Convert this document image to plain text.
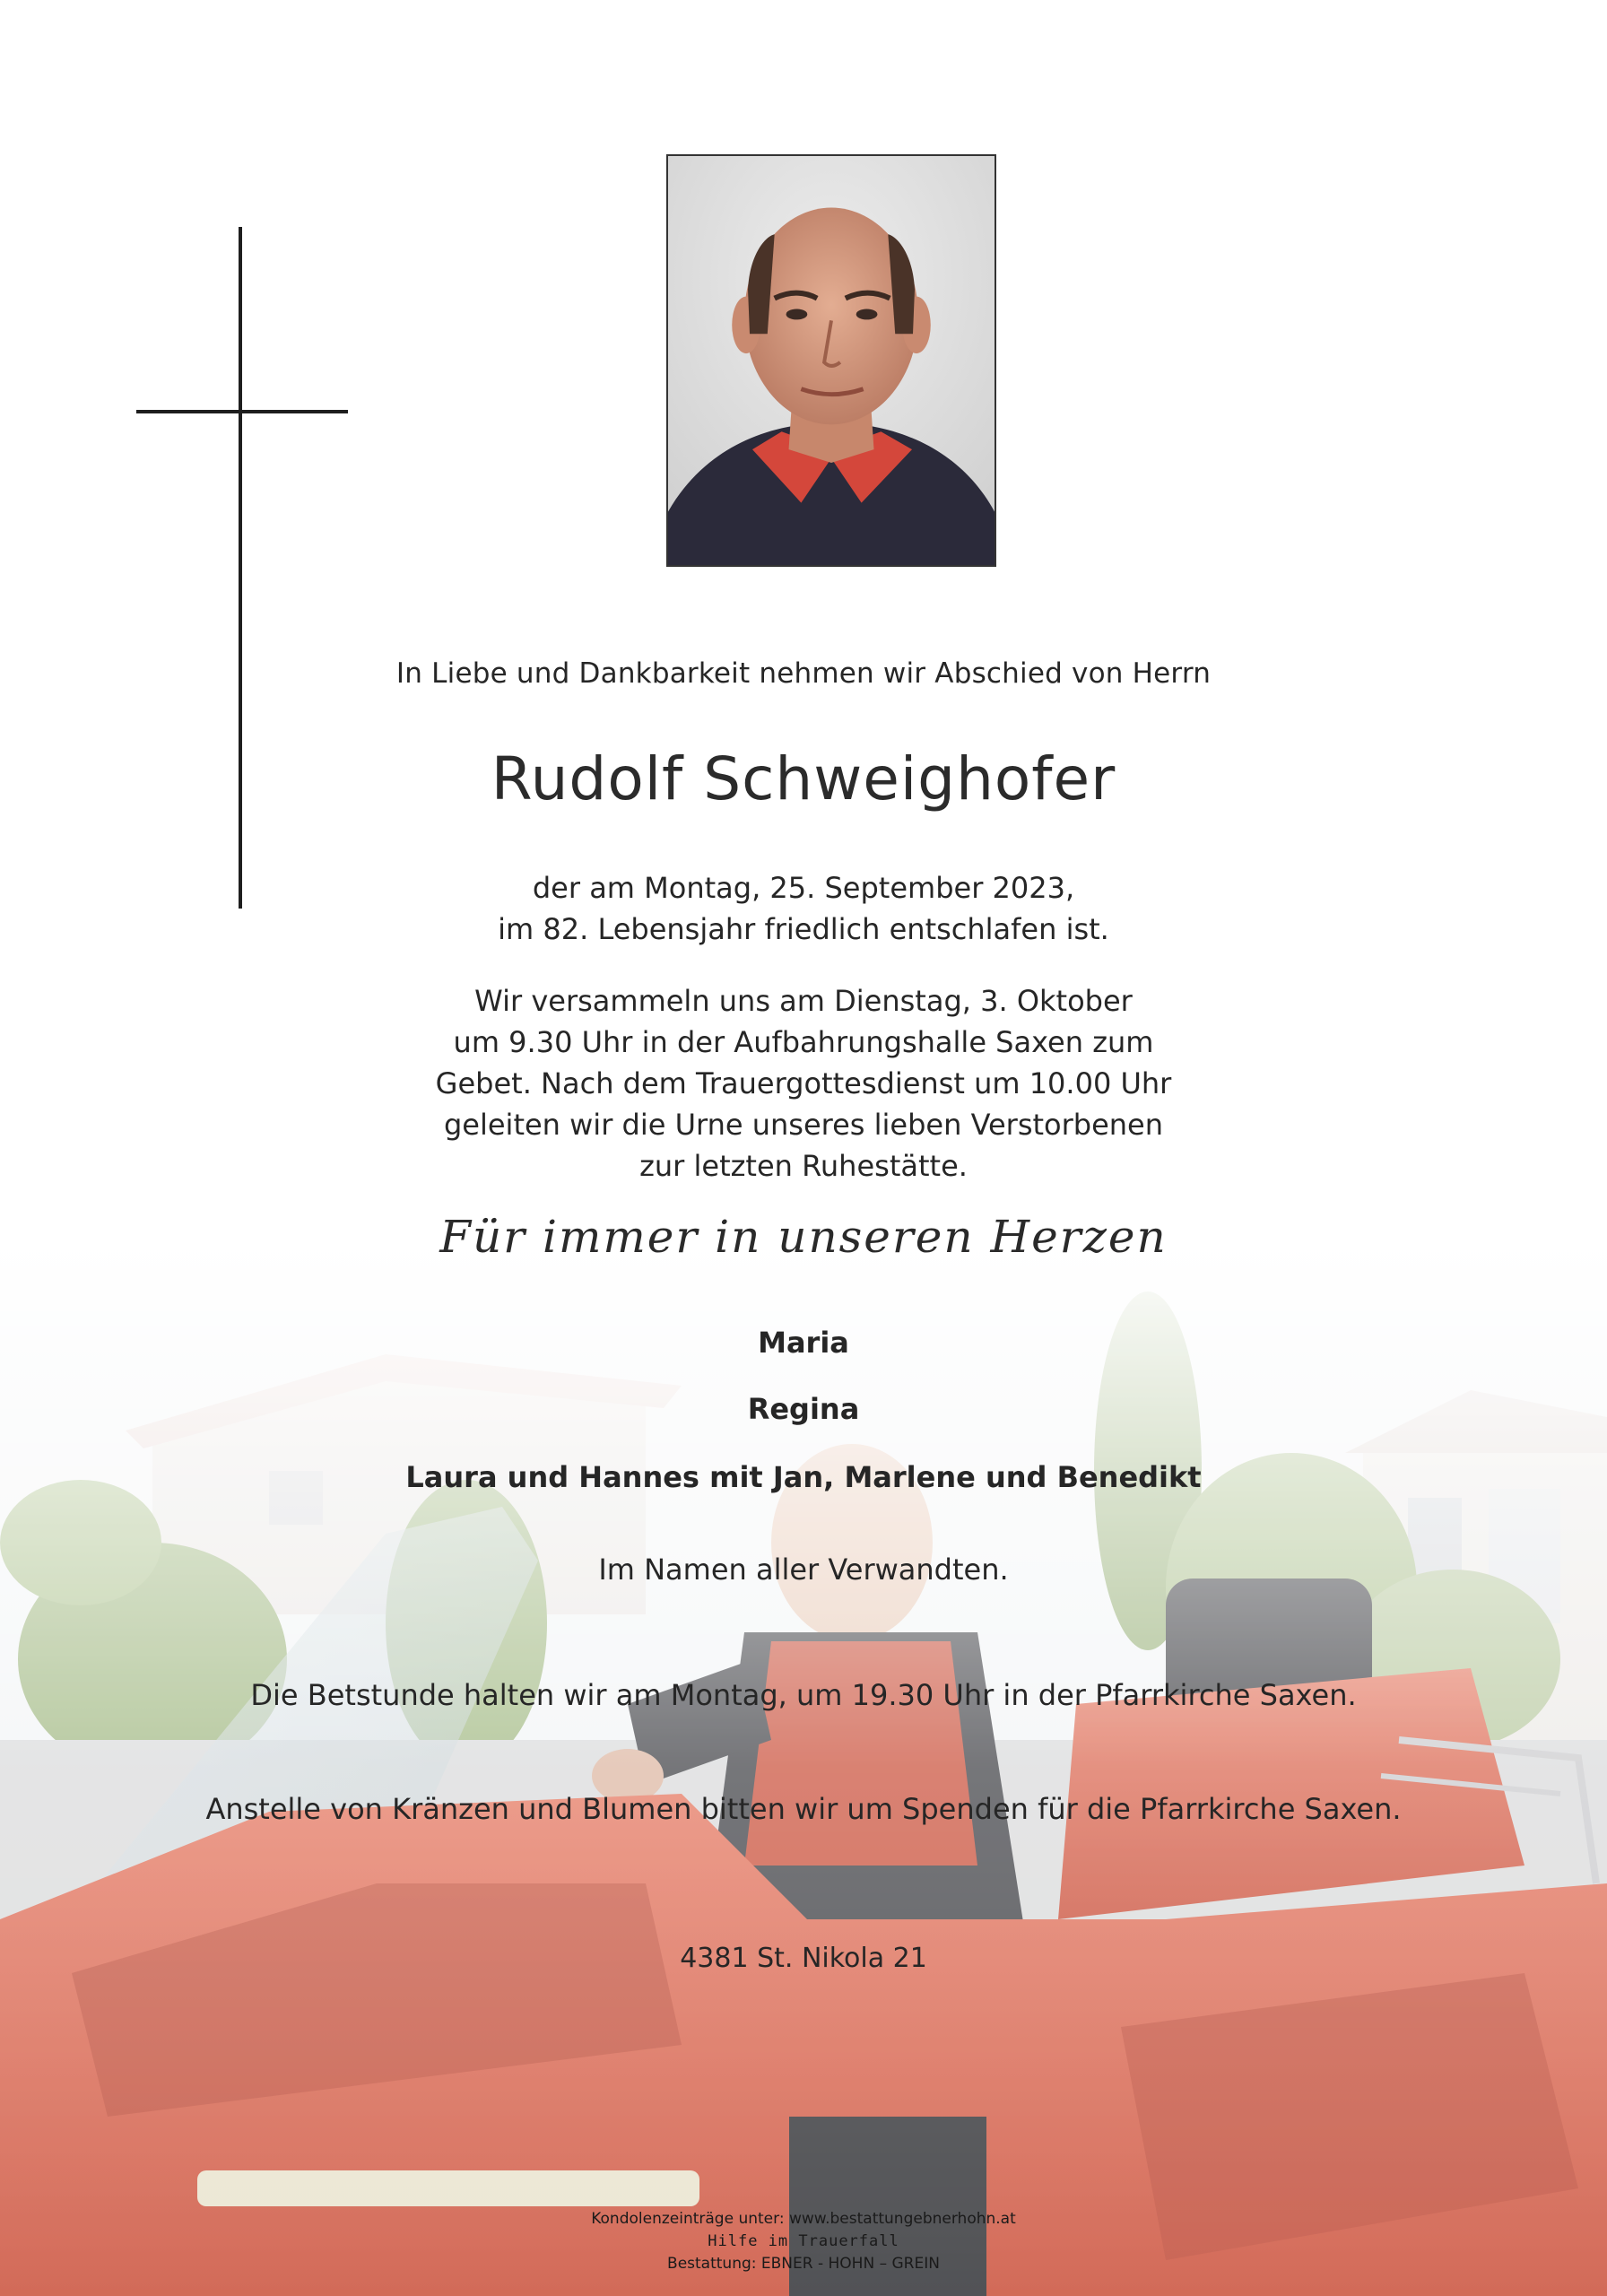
In Liebe und Dankbarkeit nehmen wir Abschied von Herrn
Rudolf Schweighofer
der am Montag, 25. September 2023,
im 82. Lebensjahr friedlich entschlafen ist.
Wir versammeln uns am Dienstag, 3. Oktober
um 9.30 Uhr in der Aufbahrungshalle Saxen zum
Gebet. Nach dem Trauergottesdienst um 10.00 Uhr
geleiten wir die Urne unseres lieben Verstorbenen
zur letzten Ruhestätte.
Für immer in unseren Herzen
Maria
Regina
Laura und Hannes mit Jan, Marlene und Benedikt
Im Namen aller Verwandten.
Die Betstunde halten wir am Montag, um 19.30 Uhr in der Pfarrkirche Saxen.
Anstelle von Kränzen und Blumen bitten wir um Spenden für die Pfarrkirche Saxen.
4381 St. Nikola 21
Kondolenzeinträge unter: www.bestattungebnerhohn.at
Hilfe im Trauerfall
Bestattung: EBNER - HOHN – GREIN
